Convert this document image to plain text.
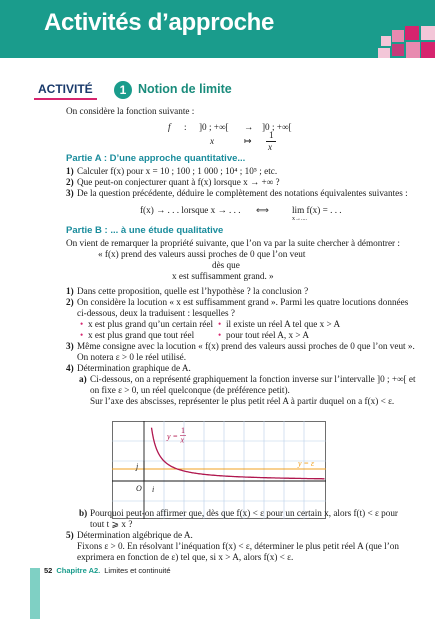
Activités d’approche
ACTIVITÉ	1 Notion de limite
On considère la fonction suivante :
f : ]0 ; +∞[ → ]0 ; +∞[
x	↦
1
x
Partie A : D’une approche quantitative...
1) Calculer f(x) pour x = 10 ; 100 ; 1 000 ; 10⁴ ; 10⁵ ; etc.
2) Que peut-on conjecturer quant à f(x) lorsque x → +∞ ?
3) De la question précédente, déduire le complètement des notations équivalentes suivantes :
f(x) → . . . lorsque x → . . . ⟺ lim f(x) = . . .
x→....
Partie B : ... à une étude qualitative
On vient de remarquer la propriété suivante, que l’on va par la suite chercher à démontrer :
« f(x) prend des valeurs aussi proches de 0 que l’on veut
dès que
x est suffisamment grand. »
1) Dans cette proposition, quelle est l’hypothèse ? la conclusion ?
2) On considère la locution « x est suffisamment grand ». Parmi les quatre locutions données
ci-dessous, deux la traduisent : lesquelles ?
• x est plus grand qu’un certain réel • il existe un réel A tel que x > A
• x est plus grand que tout réel	• pour tout réel A, x > A
3) Même consigne avec la locution « f(x) prend des valeurs aussi proches de 0 que l’on veut ».
On notera ε > 0 le réel utilisé.
4) Détermination graphique de A.
a) Ci-dessous, on a représenté graphiquement la fonction inverse sur l’intervalle ]0 ; +∞[ et
on fixe ε > 0, un réel quelconque (de préférence petit).
Sur l’axe des abscisses, représenter le plus petit réel A à partir duquel on a f(x) < ε.
y =
1
x
y = ε
j⃗
i⃗
O
b) Pourquoi peut-on affirmer que, dès que f(x) < ε pour un certain x, alors f(t) < ε pour
tout t ⩾ x ?
5) Détermination algébrique de A.
Fixons ε > 0. En résolvant l’inéquation f(x) < ε, déterminer le plus petit réel A (que l’on
exprimera en fonction de ε) tel que, si x > A, alors f(x) < ε.
52 Chapitre A2. Limites et continuité
